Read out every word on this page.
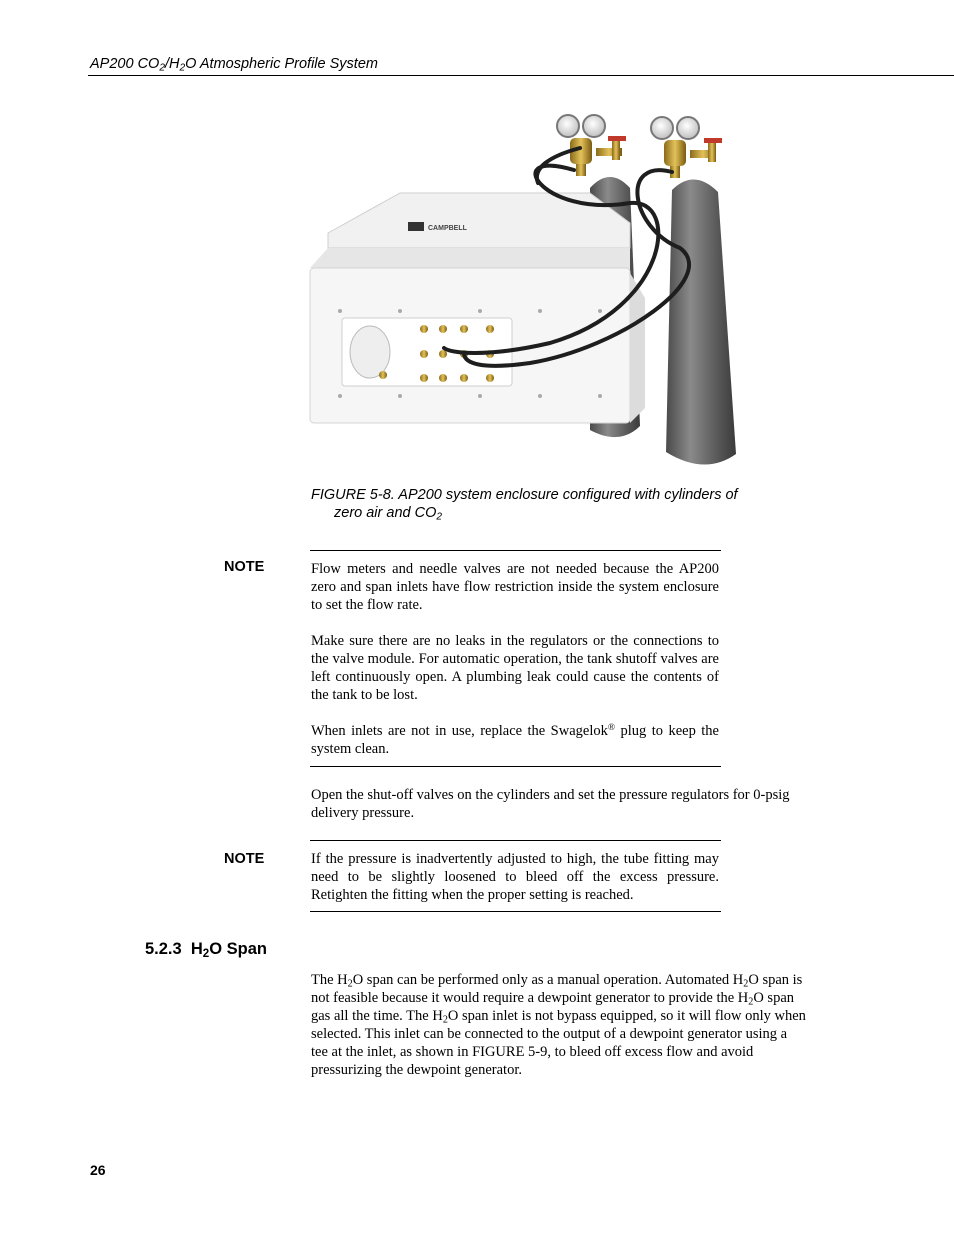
AP200 $CO_2/H_2O$ Atmospheric Profile System
CAMPBELL
FIGURE 5-8. AP200 system enclosure configured with cylinders of
zero air and $CO_2$
NOTE	Flow meters and needle valves are not needed because the AP200 zero and span inlets have flow restriction inside the system enclosure to set the flow rate.
Make sure there are no leaks in the regulators or the connections to the valve module. For automatic operation, the tank shutoff valves are left continuously open. A plumbing leak could cause the contents of the tank to be lost.
When inlets are not in use, replace the Swagelok® plug to keep the system clean.
Open the shut-off valves on the cylinders and set the pressure regulators for 0-psig delivery pressure.
NOTE	If the pressure is inadvertently adjusted to high, the tube fitting may need to be slightly loosened to bleed off the excess pressure. Retighten the fitting when the proper setting is reached.
5.2.3 $H_2O$ Span
The $H_2O$ span can be performed only as a manual operation. Automated $H_2O$ span is not feasible because it would require a dewpoint generator to provide the $H_2O$ span gas all the time. The $H_2O$ span inlet is not bypass equipped, so it will flow only when selected. This inlet can be connected to the output of a dewpoint generator using a tee at the inlet, as shown in FIGURE 5-9, to bleed off excess flow and avoid pressurizing the dewpoint generator.
26
